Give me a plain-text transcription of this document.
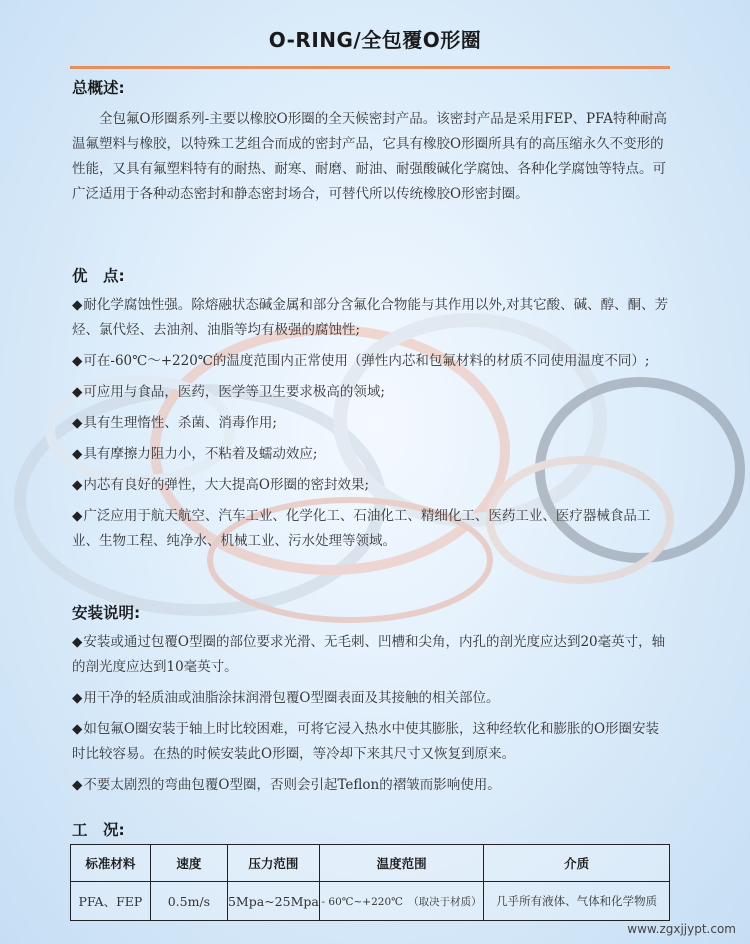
O-RING/全包覆O形圈
总概述:

全包氟O形圈系列-主要以橡胶O形圈的全天候密封产品。该密封产品是采用FEP、PFA特种耐高温氟塑料与橡胶，以特殊工艺组合而成的密封产品，它具有橡胶O形圈所具有的高压缩永久不变形的性能，又具有氟塑料特有的耐热、耐寒、耐磨、耐油、耐强酸碱化学腐蚀、各种化学腐蚀等特点。可广泛适用于各种动态密封和静态密封场合，可替代所以传统橡胶O形密封圈。

优　点:
◆耐化学腐蚀性强。除熔融状态碱金属和部分含氟化合物能与其作用以外,对其它酸、碱、醇、酮、芳烃、氯代烃、去油剂、油脂等均有极强的腐蚀性;
◆可在-60℃～+220℃的温度范围内正常使用（弹性内芯和包氟材料的材质不同使用温度不同）;
◆可应用与食品，医药，医学等卫生要求极高的领域;
◆具有生理惰性、杀菌、消毒作用;
◆具有摩擦力阻力小，不粘着及蠕动效应;
◆内芯有良好的弹性，大大提高O形圈的密封效果;
◆广泛应用于航天航空、汽车工业、化学化工、石油化工、精细化工、医药工业、医疗器械食品工业、生物工程、纯净水、机械工业、污水处理等领域。
安装说明:
◆安装或通过包覆O型圈的部位要求光滑、无毛刺、凹槽和尖角，内孔的剖光度应达到20毫英寸，轴的剖光度应达到10毫英寸。
◆用干净的轻质油或油脂涂抹润滑包覆O型圈表面及其接触的相关部位。
◆如包氟O圈安装于轴上时比较困难，可将它浸入热水中使其膨胀，这种经软化和膨胀的O形圈安装时比较容易。在热的时候安装此O形圈，等冷却下来其尺寸又恢复到原来。
◆不要太剧烈的弯曲包覆O型圈，否则会引起Teflon的褶皱而影响使用。
工　况:
标准材料	速度	压力范围	温度范围	介质
PFA、FEP	0.5m/s	5Mpa~25Mpa	- 60℃~+220℃　（取决于材质）	几乎所有液体、气体和化学物质
www.zgxjjypt.com
